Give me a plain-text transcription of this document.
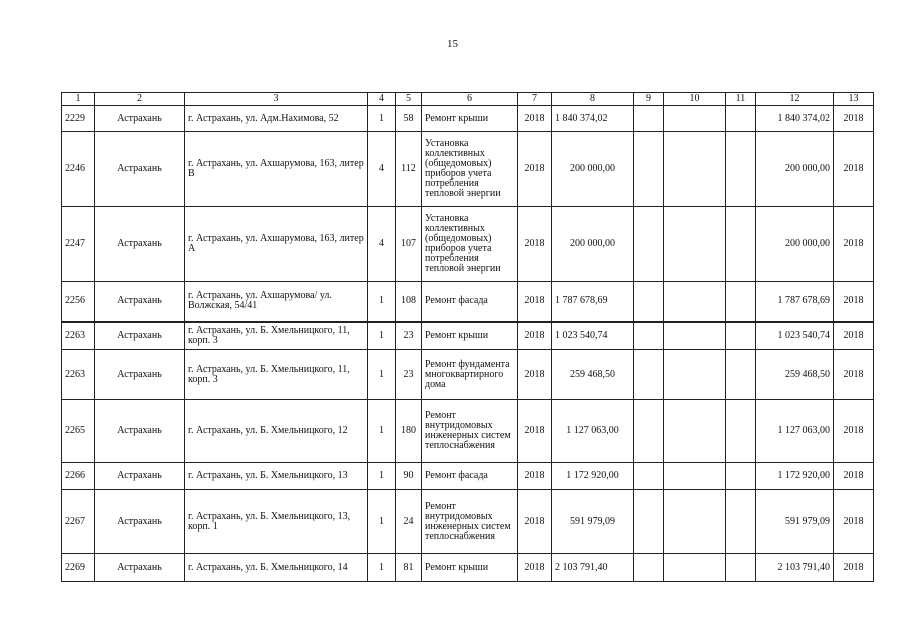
15
1	2	3	4	5	6	7	8	9	10	11	12	13
2229	Астрахань	г. Астрахань, ул. Адм.Нахимова, 52	1	58	Ремонт крыши	2018	1 840 374,02				1 840 374,02	2018
2246	Астрахань	г. Астрахань, ул. Ахшарумова, 163, литер В	4	112	Установка коллективных (общедомовых) приборов учета потребления тепловой энергии	2018	200 000,00				200 000,00	2018
2247	Астрахань	г. Астрахань, ул. Ахшарумова, 163, литер А	4	107	Установка коллективных (общедомовых) приборов учета потребления тепловой энергии	2018	200 000,00				200 000,00	2018
2256	Астрахань	г. Астрахань, ул. Ахшарумова/ ул. Волжская, 54/41	1	108	Ремонт фасада	2018	1 787 678,69				1 787 678,69	2018
2263	Астрахань	г. Астрахань, ул. Б. Хмельницкого, 11, корп. 3	1	23	Ремонт крыши	2018	1 023 540,74				1 023 540,74	2018
2263	Астрахань	г. Астрахань, ул. Б. Хмельницкого, 11, корп. 3	1	23	Ремонт фундамента многоквартирного дома	2018	259 468,50				259 468,50	2018
2265	Астрахань	г. Астрахань, ул. Б. Хмельницкого, 12	1	180	Ремонт внутридомовых инженерных систем теплоснабжения	2018	1 127 063,00				1 127 063,00	2018
2266	Астрахань	г. Астрахань, ул. Б. Хмельницкого, 13	1	90	Ремонт фасада	2018	1 172 920,00				1 172 920,00	2018
2267	Астрахань	г. Астрахань, ул. Б. Хмельницкого, 13, корп. 1	1	24	Ремонт внутридомовых инженерных систем теплоснабжения	2018	591 979,09				591 979,09	2018
2269	Астрахань	г. Астрахань, ул. Б. Хмельницкого, 14	1	81	Ремонт крыши	2018	2 103 791,40				2 103 791,40	2018
